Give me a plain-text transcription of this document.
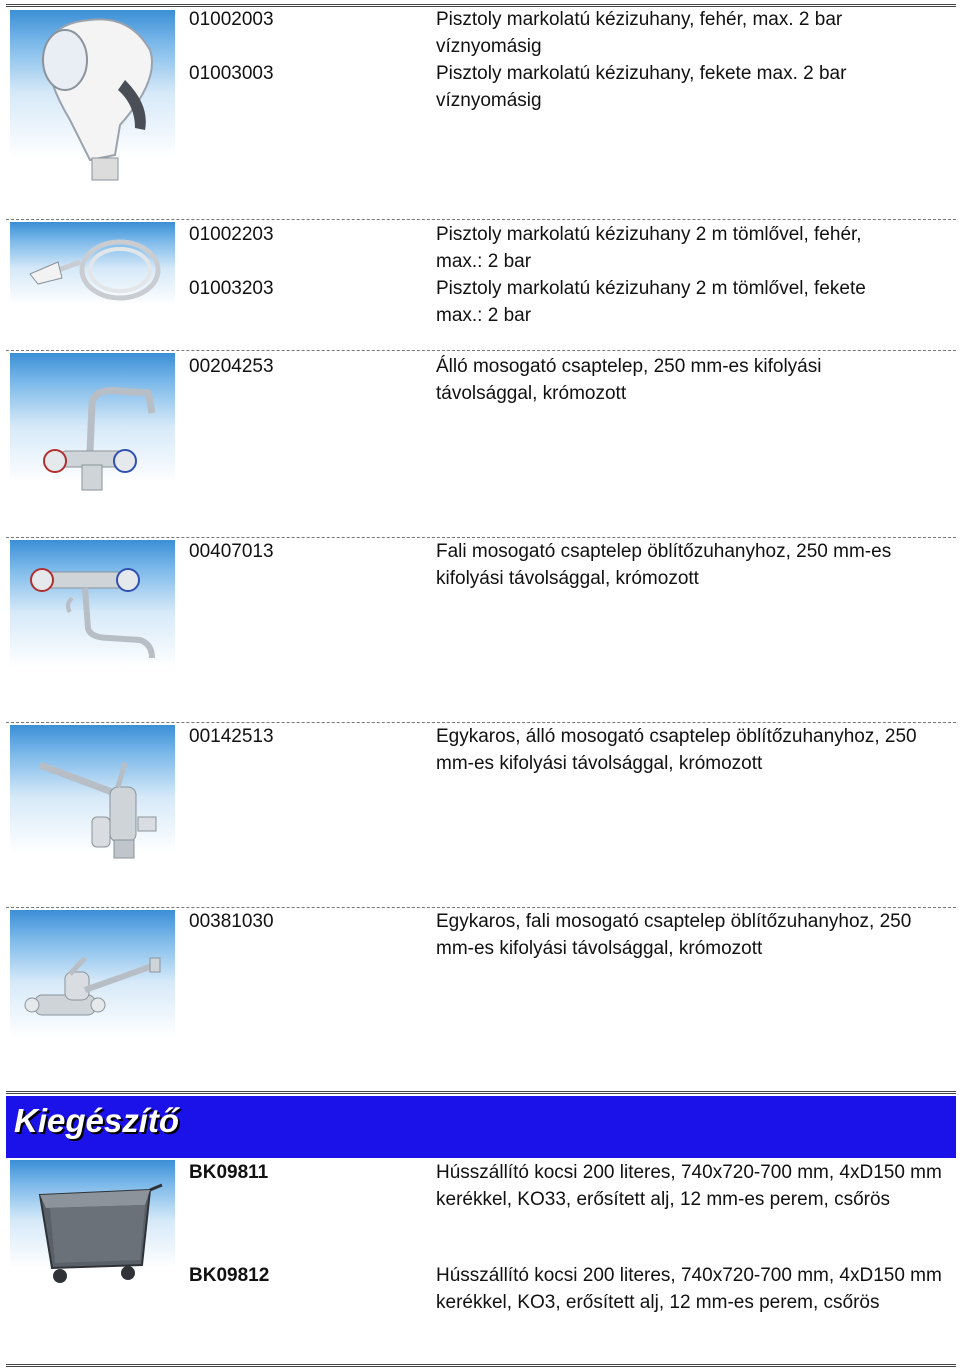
01002003	Pisztoly markolatú kézizuhany, fehér, max. 2 bar víznyomásig
01003003	Pisztoly markolatú kézizuhany, fekete max. 2 bar víznyomásig
01002203	Pisztoly markolatú kézizuhany 2 m tömlővel, fehér, max.: 2 bar
01003203	Pisztoly markolatú kézizuhany 2 m tömlővel, fekete max.: 2 bar
00204253	Álló mosogató csaptelep, 250 mm-es kifolyási távolsággal, krómozott
00407013	Fali mosogató csaptelep öblítőzuhanyhoz, 250 mm-es kifolyási távolsággal, krómozott
00142513	Egykaros, álló mosogató csaptelep öblítőzuhanyhoz, 250 mm-es kifolyási távolsággal, krómozott
00381030	Egykaros, fali mosogató csaptelep öblítőzuhanyhoz, 250 mm-es kifolyási távolsággal, krómozott
Kiegészítő
BK09811	Hússzállító kocsi 200 literes, 740x720-700 mm, 4xD150 mm kerékkel, KO33, erősített alj, 12 mm-es perem, csőrös
BK09812	Hússzállító kocsi 200 literes, 740x720-700 mm, 4xD150 mm kerékkel, KO3, erősített alj, 12 mm-es perem, csőrös
